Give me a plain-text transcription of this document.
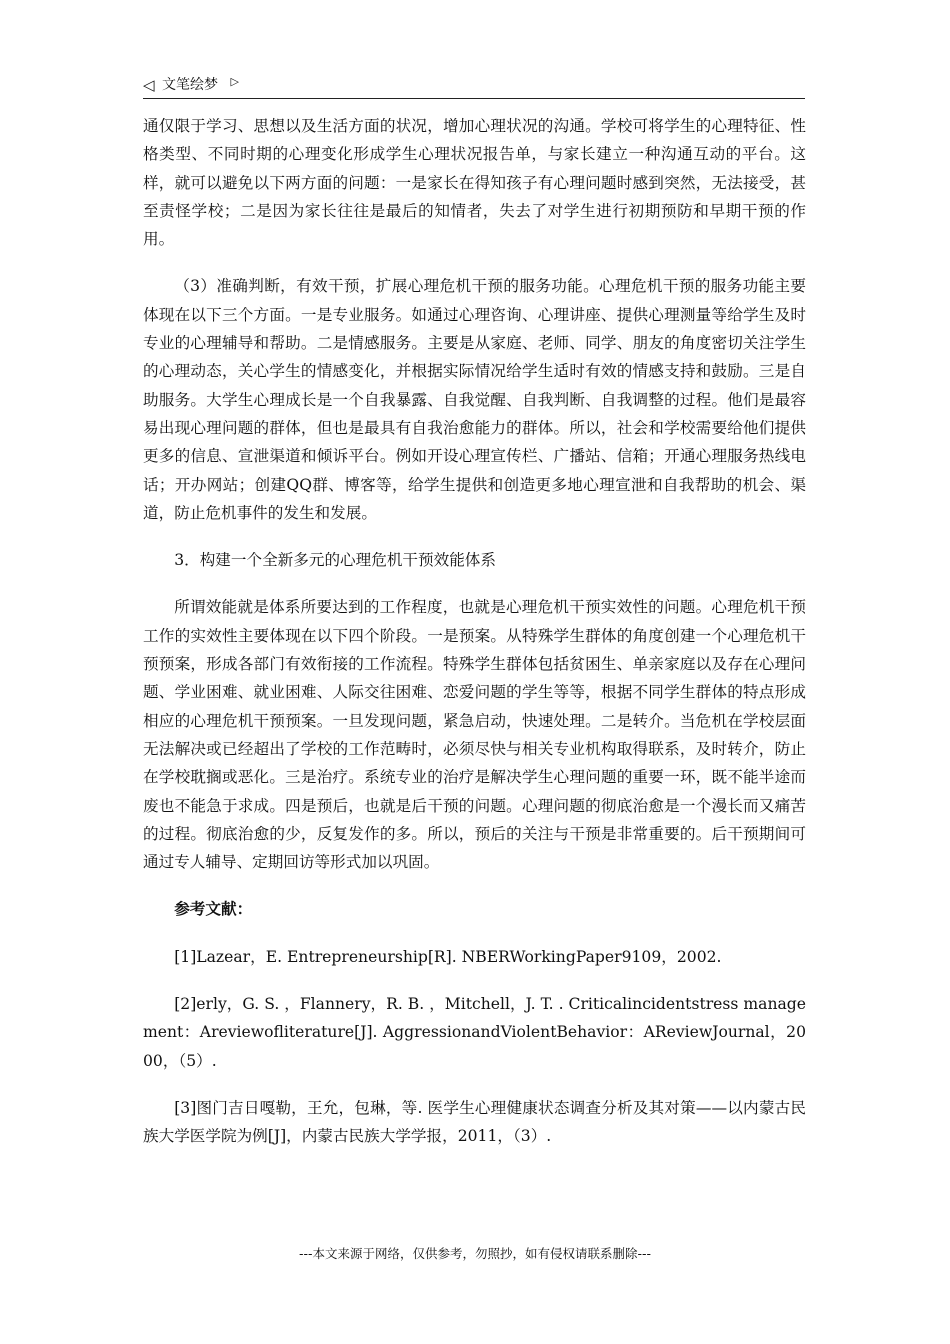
◁ 文笔绘梦 ▷

通仅限于学习、思想以及生活方面的状况，增加心理状况的沟通。学校可将学生的心理特征、性格类型、不同时期的心理变化形成学生心理状况报告单，与家长建立一种沟通互动的平台。这样，就可以避免以下两方面的问题：一是家长在得知孩子有心理问题时感到突然，无法接受，甚至责怪学校；二是因为家长往往是最后的知情者，失去了对学生进行初期预防和早期干预的作用。

（3）准确判断，有效干预，扩展心理危机干预的服务功能。心理危机干预的服务功能主要体现在以下三个方面。一是专业服务。如通过心理咨询、心理讲座、提供心理测量等给学生及时专业的心理辅导和帮助。二是情感服务。主要是从家庭、老师、同学、朋友的角度密切关注学生的心理动态，关心学生的情感变化，并根据实际情况给学生适时有效的情感支持和鼓励。三是自助服务。大学生心理成长是一个自我暴露、自我觉醒、自我判断、自我调整的过程。他们是最容易出现心理问题的群体，但也是最具有自我治愈能力的群体。所以，社会和学校需要给他们提供更多的信息、宣泄渠道和倾诉平台。例如开设心理宣传栏、广播站、信箱；开通心理服务热线电话；开办网站；创建QQ群、博客等，给学生提供和创造更多地心理宣泄和自我帮助的机会、渠道，防止危机事件的发生和发展。

3．构建一个全新多元的心理危机干预效能体系

所谓效能就是体系所要达到的工作程度，也就是心理危机干预实效性的问题。心理危机干预工作的实效性主要体现在以下四个阶段。一是预案。从特殊学生群体的角度创建一个心理危机干预预案，形成各部门有效衔接的工作流程。特殊学生群体包括贫困生、单亲家庭以及存在心理问题、学业困难、就业困难、人际交往困难、恋爱问题的学生等等，根据不同学生群体的特点形成相应的心理危机干预预案。一旦发现问题，紧急启动，快速处理。二是转介。当危机在学校层面无法解决或已经超出了学校的工作范畴时，必须尽快与相关专业机构取得联系，及时转介，防止在学校耽搁或恶化。三是治疗。系统专业的治疗是解决学生心理问题的重要一环，既不能半途而废也不能急于求成。四是预后，也就是后干预的问题。心理问题的彻底治愈是一个漫长而又痛苦的过程。彻底治愈的少，反复发作的多。所以，预后的关注与干预是非常重要的。后干预期间可通过专人辅导、定期回访等形式加以巩固。

参考文献：

[1]Lazear，E. Entrepreneurship[R]. NBERWorkingPaper9109，2002.

[2]erly，G. S. ，Flannery，R. B. ，Mitchell，J. T. . Criticalincidentstress management：Areviewofliterature[J]. AggressionandViolentBehavior：AReviewJournal，2000，（5）.

[3]图门吉日嘎勒，王允，包琳，等. 医学生心理健康状态调查分析及其对策——以内蒙古民族大学医学院为例[J]，内蒙古民族大学学报，2011，（3）.

---本文来源于网络，仅供参考，勿照抄，如有侵权请联系删除---
